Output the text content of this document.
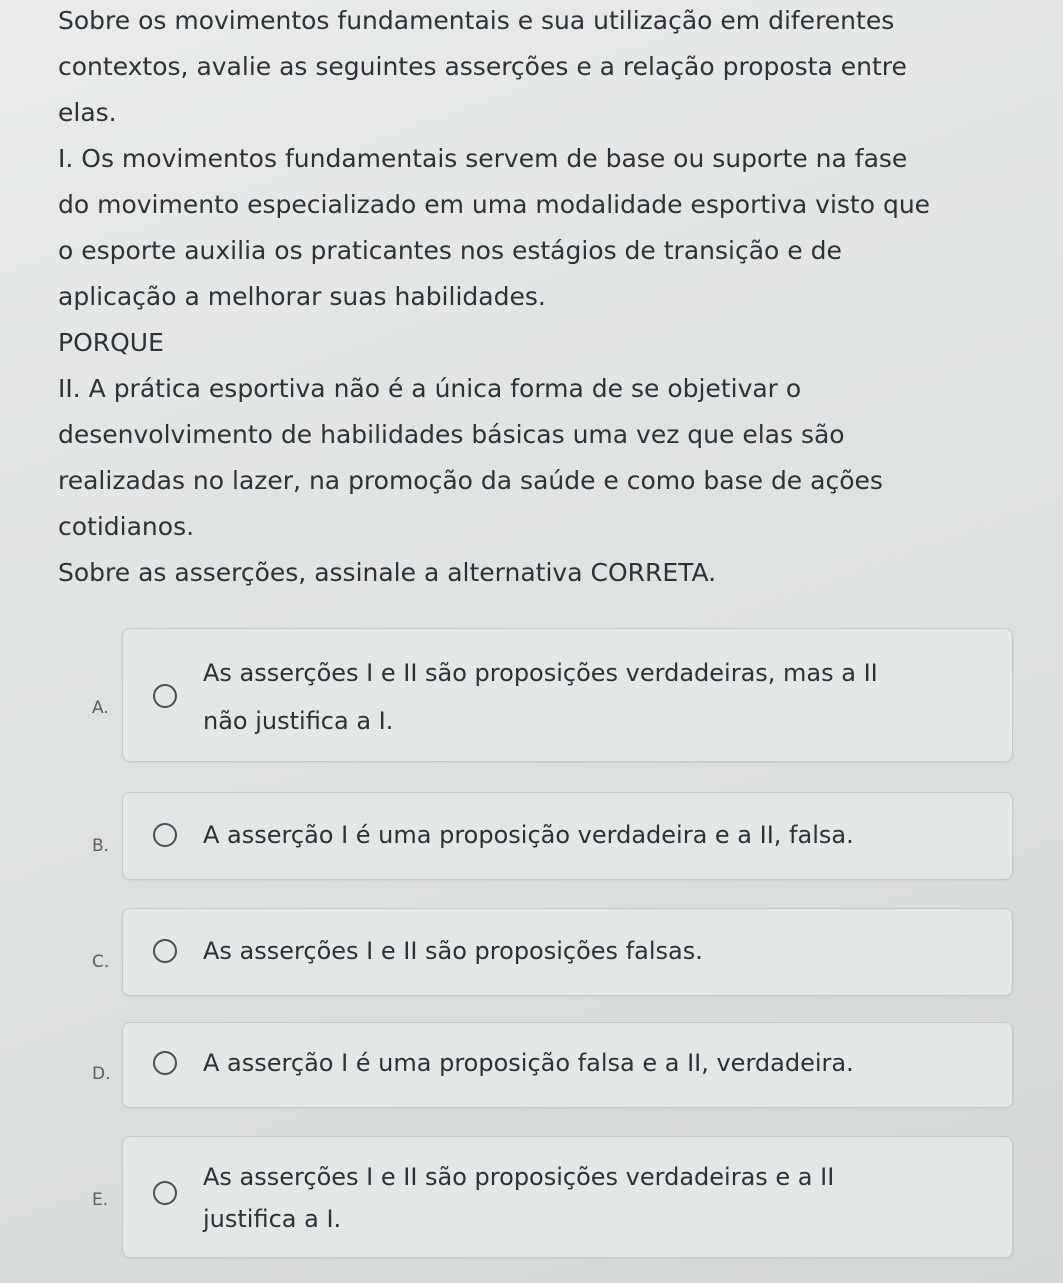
Sobre os movimentos fundamentais e sua utilização em diferentes

contextos, avalie as seguintes asserções e a relação proposta entre

elas.

I. Os movimentos fundamentais servem de base ou suporte na fase

do movimento especializado em uma modalidade esportiva visto que

o esporte auxilia os praticantes nos estágios de transição e de

aplicação a melhorar suas habilidades.

PORQUE

II. A prática esportiva não é a única forma de se objetivar o

desenvolvimento de habilidades básicas uma vez que elas são

realizadas no lazer, na promoção da saúde e como base de ações

cotidianos.

Sobre as asserções, assinale a alternativa CORRETA.

A.
As asserções I e II são proposições verdadeiras, mas a II
não justifica a I.
B.	A asserção I é uma proposição verdadeira e a II, falsa.
C.	As asserções I e II são proposições falsas.
D.	A asserção I é uma proposição falsa e a II, verdadeira.
E.
As asserções I e II são proposições verdadeiras e a II
justifica a I.
